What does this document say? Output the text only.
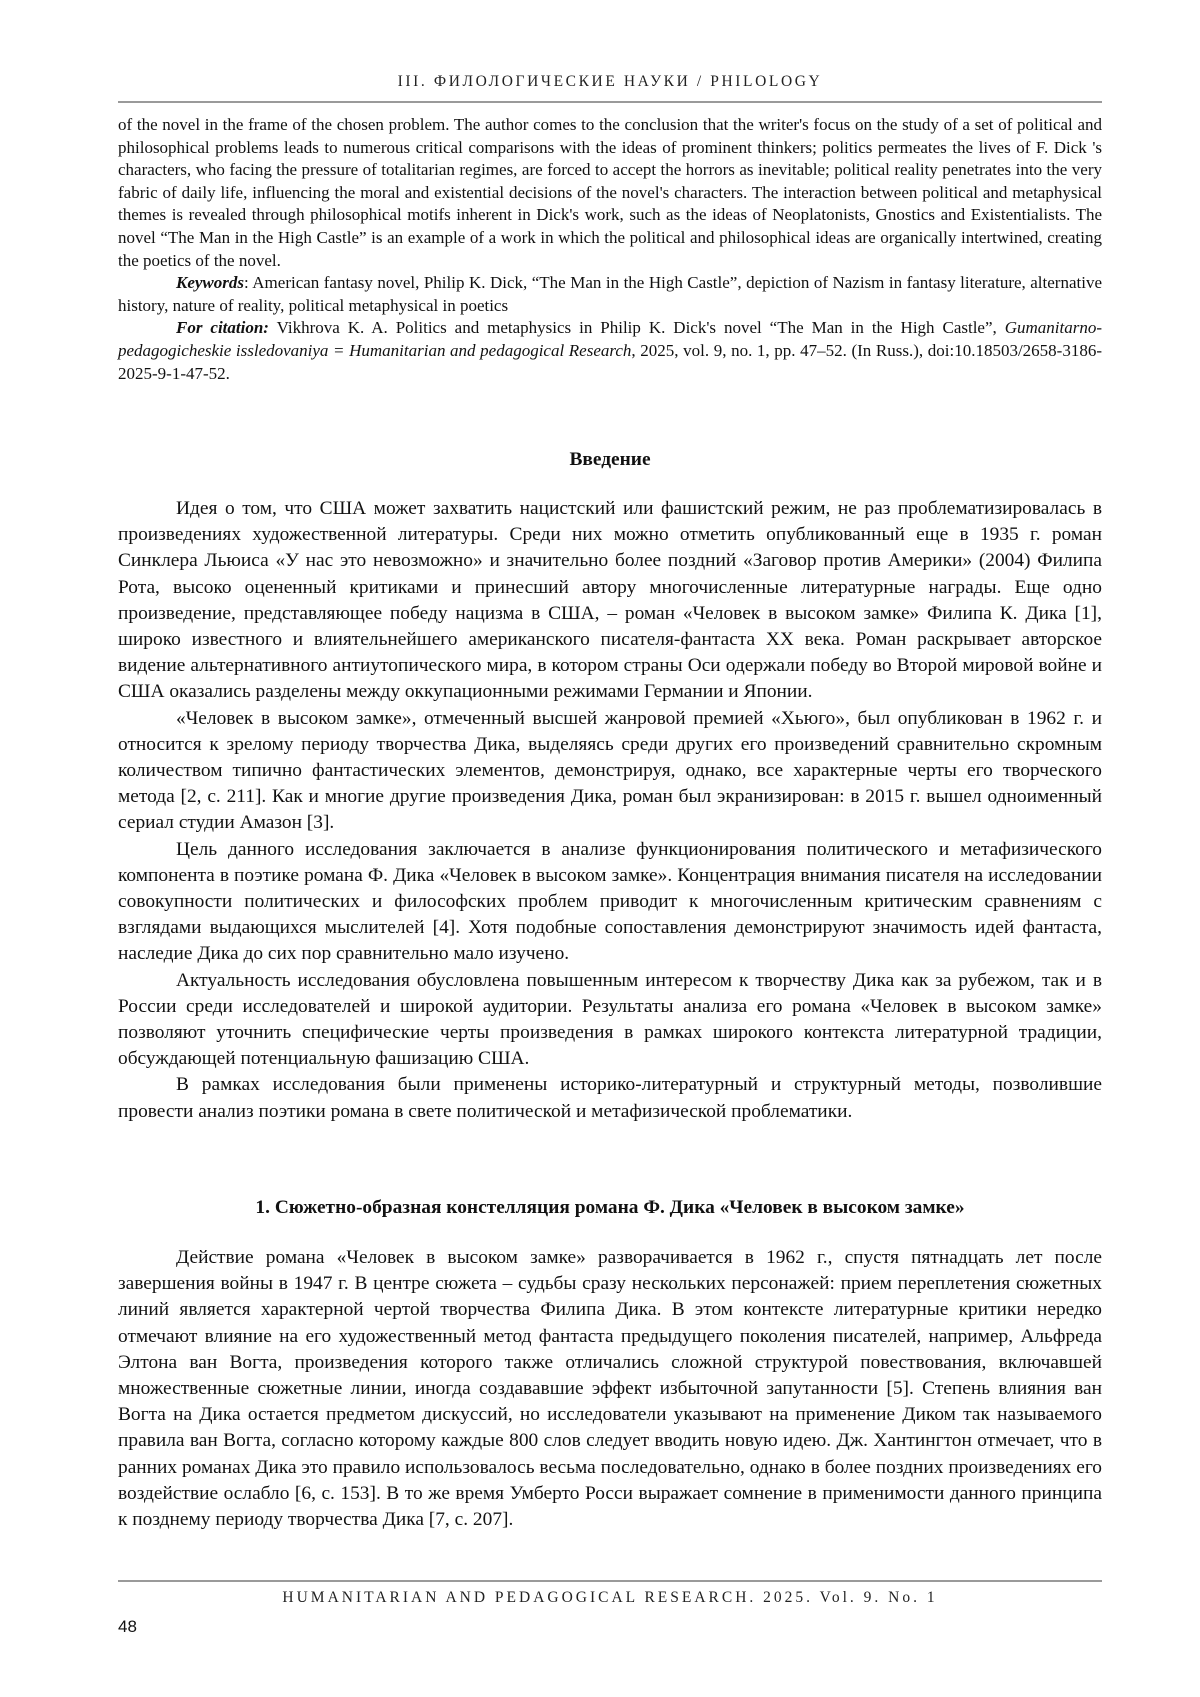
III. ФИЛОЛОГИЧЕСКИЕ НАУКИ / PHILOLOGY

of the novel in the frame of the chosen problem. The author comes to the conclusion that the writer's focus on the study of a set of political and philosophical problems leads to numerous critical comparisons with the ideas of prominent thinkers; politics permeates the lives of F. Dick 's characters, who facing the pressure of totalitarian regimes, are forced to accept the horrors as inevitable; political reality penetrates into the very fabric of daily life, influencing the moral and existential decisions of the novel's characters. The interaction between political and metaphysical themes is revealed through philosophical motifs inherent in Dick's work, such as the ideas of Neoplatonists, Gnostics and Existentialists. The novel “The Man in the High Castle” is an example of a work in which the political and philosophical ideas are organically intertwined, creating the poetics of the novel.

Keywords: American fantasy novel, Philip K. Dick, “The Man in the High Castle”, depiction of Nazism in fantasy literature, alternative history, nature of reality, political metaphysical in poetics

For citation: Vikhrova K. A. Politics and metaphysics in Philip K. Dick's novel “The Man in the High Castle”, Gumanitarno-pedagogicheskie issledovaniya = Humanitarian and pedagogical Research, 2025, vol. 9, no. 1, pp. 47–52. (In Russ.), doi:10.18503/2658-3186-2025-9-1-47-52.

Введение

Идея о том, что США может захватить нацистский или фашистский режим, не раз проблематизировалась в произведениях художественной литературы. Среди них можно отметить опубликованный еще в 1935 г. роман Синклера Льюиса «У нас это невозможно» и значительно более поздний «Заговор против Америки» (2004) Филипа Рота, высоко оцененный критиками и принесший автору многочисленные литературные награды. Еще одно произведение, представляющее победу нацизма в США, – роман «Человек в высоком замке» Филипа К. Дика [1], широко известного и влиятельнейшего американского писателя-фантаста XX века. Роман раскрывает авторское видение альтернативного антиутопического мира, в котором страны Оси одержали победу во Второй мировой войне и США оказались разделены между оккупационными режимами Германии и Японии.

«Человек в высоком замке», отмеченный высшей жанровой премией «Хьюго», был опубликован в 1962 г. и относится к зрелому периоду творчества Дика, выделяясь среди других его произведений сравнительно скромным количеством типично фантастических элементов, демонстрируя, однако, все характерные черты его творческого метода [2, с. 211]. Как и многие другие произведения Дика, роман был экранизирован: в 2015 г. вышел одноименный сериал студии Амазон [3].

Цель данного исследования заключается в анализе функционирования политического и метафизического компонента в поэтике романа Ф. Дика «Человек в высоком замке». Концентрация внимания писателя на исследовании совокупности политических и философских проблем приводит к многочисленным критическим сравнениям с взглядами выдающихся мыслителей [4]. Хотя подобные сопоставления демонстрируют значимость идей фантаста, наследие Дика до сих пор сравнительно мало изучено.

Актуальность исследования обусловлена повышенным интересом к творчеству Дика как за рубежом, так и в России среди исследователей и широкой аудитории. Результаты анализа его романа «Человек в высоком замке» позволяют уточнить специфические черты произведения в рамках широкого контекста литературной традиции, обсуждающей потенциальную фашизацию США.

В рамках исследования были применены историко-литературный и структурный методы, позволившие провести анализ поэтики романа в свете политической и метафизической проблематики.

1. Сюжетно-образная констелляция романа Ф. Дика «Человек в высоком замке»

Действие романа «Человек в высоком замке» разворачивается в 1962 г., спустя пятнадцать лет после завершения войны в 1947 г. В центре сюжета – судьбы сразу нескольких персонажей: прием переплетения сюжетных линий является характерной чертой творчества Филипа Дика. В этом контексте литературные критики нередко отмечают влияние на его художественный метод фантаста предыдущего поколения писателей, например, Альфреда Элтона ван Вогта, произведения которого также отличались сложной структурой повествования, включавшей множественные сюжетные линии, иногда создававшие эффект избыточной запутанности [5]. Степень влияния ван Вогта на Дика остается предметом дискуссий, но исследователи указывают на применение Диком так называемого правила ван Вогта, согласно которому каждые 800 слов следует вводить новую идею. Дж. Хантингтон отмечает, что в ранних романах Дика это правило использовалось весьма последовательно, однако в более поздних произведениях его воздействие ослабло [6, с. 153]. В то же время Умберто Росси выражает сомнение в применимости данного принципа к позднему периоду творчества Дика [7, с. 207].

HUMANITARIAN AND PEDAGOGICAL RESEARCH. 2025. Vol. 9. No. 1
48
